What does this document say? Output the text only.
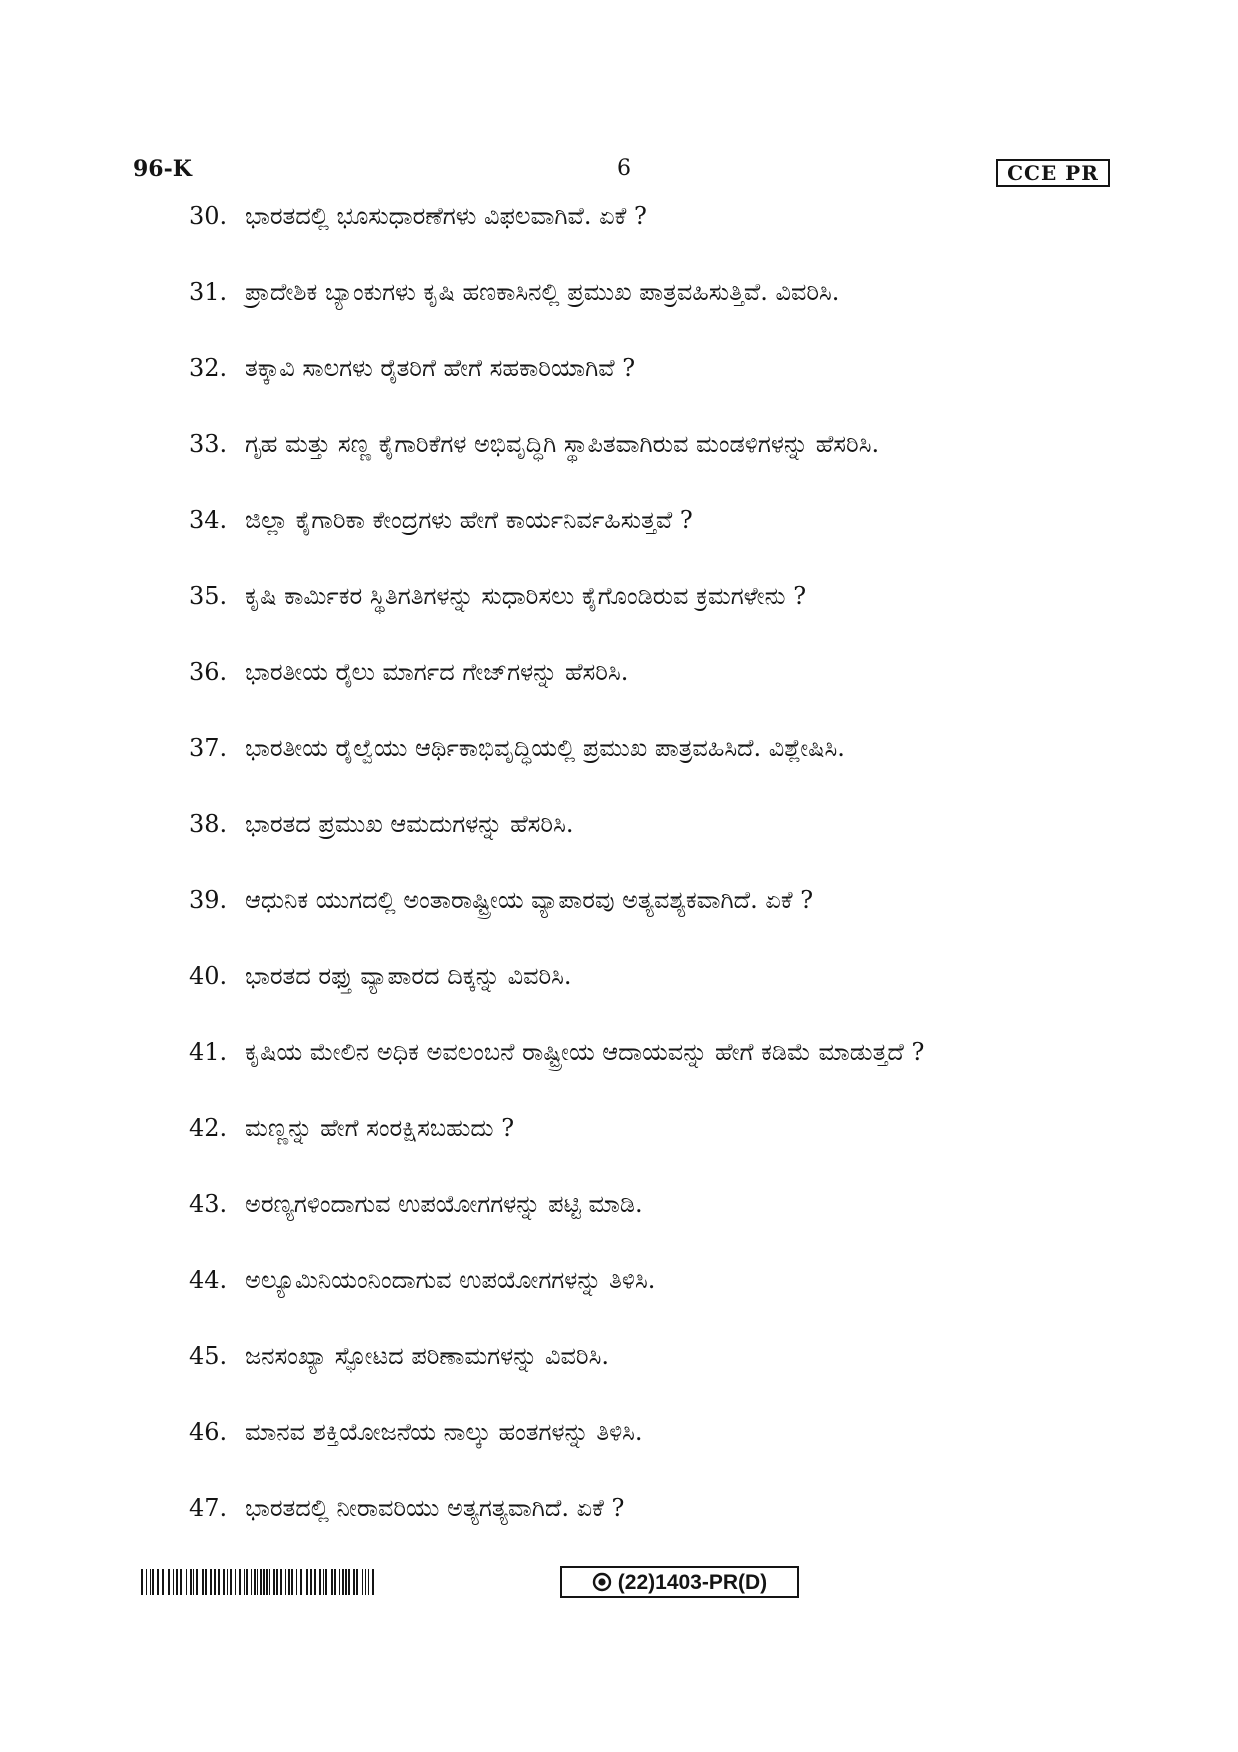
96-K	6	CCE PR
30. ಭಾರತದಲ್ಲಿ ಭೂಸುಧಾರಣೆಗಳು ವಿಫಲವಾಗಿವೆ. ಏಕೆ ?
31. ಪ್ರಾದೇಶಿಕ ಬ್ಯಾಂಕುಗಳು ಕೃಷಿ ಹಣಕಾಸಿನಲ್ಲಿ ಪ್ರಮುಖ ಪಾತ್ರವಹಿಸುತ್ತಿವೆ. ವಿವರಿಸಿ.
32. ತಕ್ಕಾವಿ ಸಾಲಗಳು ರೈತರಿಗೆ ಹೇಗೆ ಸಹಕಾರಿಯಾಗಿವೆ ?
33. ಗೃಹ ಮತ್ತು ಸಣ್ಣ ಕೈಗಾರಿಕೆಗಳ ಅಭಿವೃದ್ಧಿಗಿ ಸ್ಥಾಪಿತವಾಗಿರುವ ಮಂಡಳಿಗಳನ್ನು ಹೆಸರಿಸಿ.
34. ಜಿಲ್ಲಾ ಕೈಗಾರಿಕಾ ಕೇಂದ್ರಗಳು ಹೇಗೆ ಕಾರ್ಯನಿರ್ವಹಿಸುತ್ತವೆ ?
35. ಕೃಷಿ ಕಾರ್ಮಿಕರ ಸ್ಥಿತಿಗತಿಗಳನ್ನು ಸುಧಾರಿಸಲು ಕೈಗೊಂಡಿರುವ ಕ್ರಮಗಳೇನು ?
36. ಭಾರತೀಯ ರೈಲು ಮಾರ್ಗದ ಗೇಜ್‌ಗಳನ್ನು ಹೆಸರಿಸಿ.
37. ಭಾರತೀಯ ರೈಲ್ವೆಯು ಆರ್ಥಿಕಾಭಿವೃದ್ಧಿಯಲ್ಲಿ ಪ್ರಮುಖ ಪಾತ್ರವಹಿಸಿದೆ. ವಿಶ್ಲೇಷಿಸಿ.
38. ಭಾರತದ ಪ್ರಮುಖ ಆಮದುಗಳನ್ನು ಹೆಸರಿಸಿ.
39. ಆಧುನಿಕ ಯುಗದಲ್ಲಿ ಅಂತಾರಾಷ್ಟ್ರೀಯ ವ್ಯಾಪಾರವು ಅತ್ಯವಶ್ಯಕವಾಗಿದೆ. ಏಕೆ ?
40. ಭಾರತದ ರಫ್ತು ವ್ಯಾಪಾರದ ದಿಕ್ಕನ್ನು ವಿವರಿಸಿ.
41. ಕೃಷಿಯ ಮೇಲಿನ ಅಧಿಕ ಅವಲಂಬನೆ ರಾಷ್ಟ್ರೀಯ ಆದಾಯವನ್ನು ಹೇಗೆ ಕಡಿಮೆ ಮಾಡುತ್ತದೆ ?
42. ಮಣ್ಣನ್ನು ಹೇಗೆ ಸಂರಕ್ಷಿಸಬಹುದು ?
43. ಅರಣ್ಯಗಳಿಂದಾಗುವ ಉಪಯೋಗಗಳನ್ನು ಪಟ್ಟಿ ಮಾಡಿ.
44. ಅಲ್ಯೂಮಿನಿಯಂನಿಂದಾಗುವ ಉಪಯೋಗಗಳನ್ನು ತಿಳಿಸಿ.
45. ಜನಸಂಖ್ಯಾ ಸ್ಫೋಟದ ಪರಿಣಾಮಗಳನ್ನು ವಿವರಿಸಿ.
46. ಮಾನವ ಶಕ್ತಿಯೋಜನೆಯ ನಾಲ್ಕು ಹಂತಗಳನ್ನು ತಿಳಿಸಿ.
47. ಭಾರತದಲ್ಲಿ ನೀರಾವರಿಯು ಅತ್ಯಗತ್ಯವಾಗಿದೆ. ಏಕೆ ?
(22)1403-PR(D)
